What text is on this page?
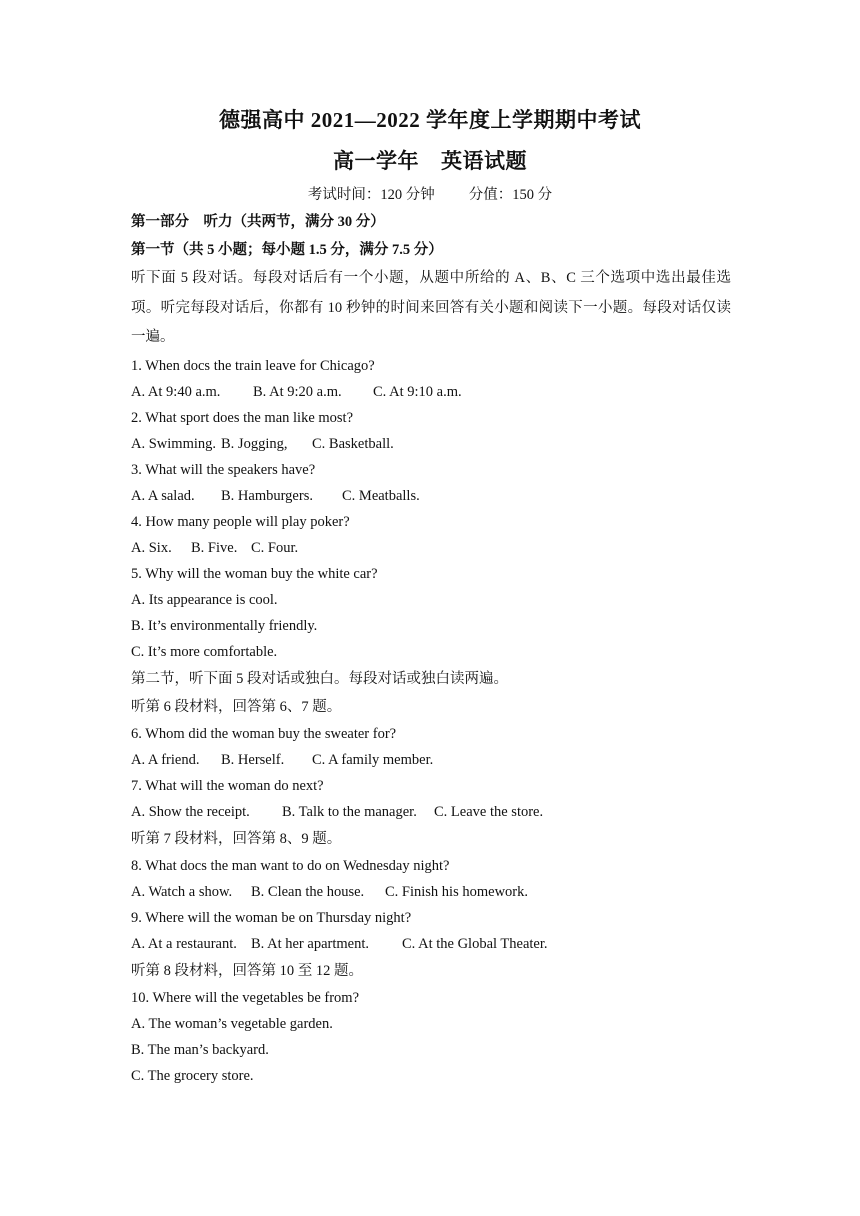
德强高中 2021—2022 学年度上学期期中考试
高一学年 英语试题
考试时间：120 分钟 分值：150 分
第一部分　听力（共两节，满分 30 分）
第一节（共 5 小题；每小题 1.5 分，满分 7.5 分）
听下面 5 段对话。每段对话后有一个小题，从题中所给的 A、B、C 三个选项中选出最佳选项。听完每段对话后，你都有 10 秒钟的时间来回答有关小题和阅读下一小题。每段对话仅读一遍。
1. When docs the train leave for Chicago?
A. At 9:40 a.m. B. At 9:20 a.m. C. At 9:10 a.m.
2. What sport does the man like most?
A. Swimming. B. Jogging, C. Basketball.
3. What will the speakers have?
A. A salad. B. Hamburgers. C. Meatballs.
4. How many people will play poker?
A. Six. B. Five. C. Four.
5. Why will the woman buy the white car?
A. Its appearance is cool.
B. It’s environmentally friendly.
C. It’s more comfortable.
第二节，听下面 5 段对话或独白。每段对话或独白读两遍。
听第 6 段材料，回答第 6、7 题。
6. Whom did the woman buy the sweater for?
A. A friend. B. Herself. C. A family member.
7. What will the woman do next?
A. Show the receipt. B. Talk to the manager. C. Leave the store.
听第 7 段材料，回答第 8、9 题。
8. What docs the man want to do on Wednesday night?
A. Watch a show. B. Clean the house. C. Finish his homework.
9. Where will the woman be on Thursday night?
A. At a restaurant. B. At her apartment. C. At the Global Theater.
听第 8 段材料，回答第 10 至 12 题。
10. Where will the vegetables be from?
A. The woman’s vegetable garden.
B. The man’s backyard.
C. The grocery store.
